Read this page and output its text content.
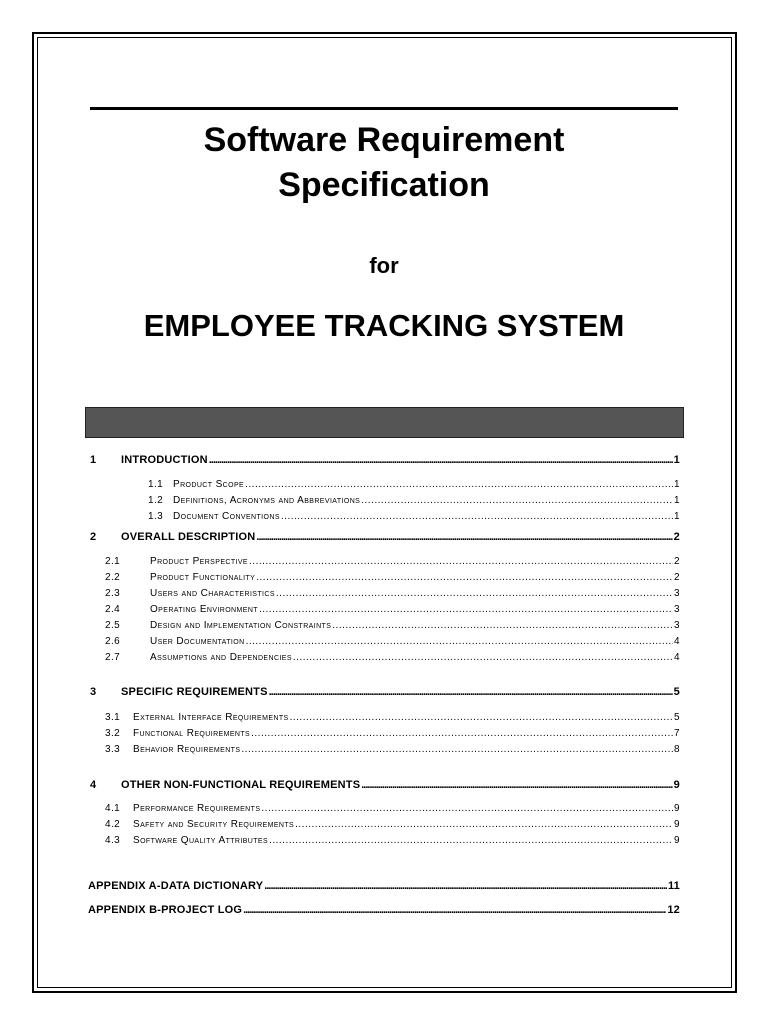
Software Requirement
Specification
for
EMPLOYEE TRACKING SYSTEM
1	INTRODUCTION .....	1
1.1 Product Scope .....	1
1.2 Definitions, Acronyms and Abbreviations .....	1
1.3 Document Conventions .....	1
2	OVERALL DESCRIPTION .....	2
2.1	Product Perspective .....	2
2.2	Product Functionality .....	2
2.3	Users and Characteristics .....	3
2.4	Operating Environment .....	3
2.5	Design and Implementation Constraints .....	3
2.6	User Documentation .....	4
2.7	Assumptions and Dependencies .....	4
3	SPECIFIC REQUIREMENTS .....	5
3.1	External Interface Requirements .....	5
3.2	Functional Requirements .....	7
3.3	Behavior Requirements .....	8
4	OTHER NON-FUNCTIONAL REQUIREMENTS .....	9
4.1	Performance Requirements .....	9
4.2	Safety and Security Requirements .....	9
4.3	Software Quality Attributes .....	9
APPENDIX A-DATA DICTIONARY .....	11
APPENDIX B-PROJECT LOG .....	12
